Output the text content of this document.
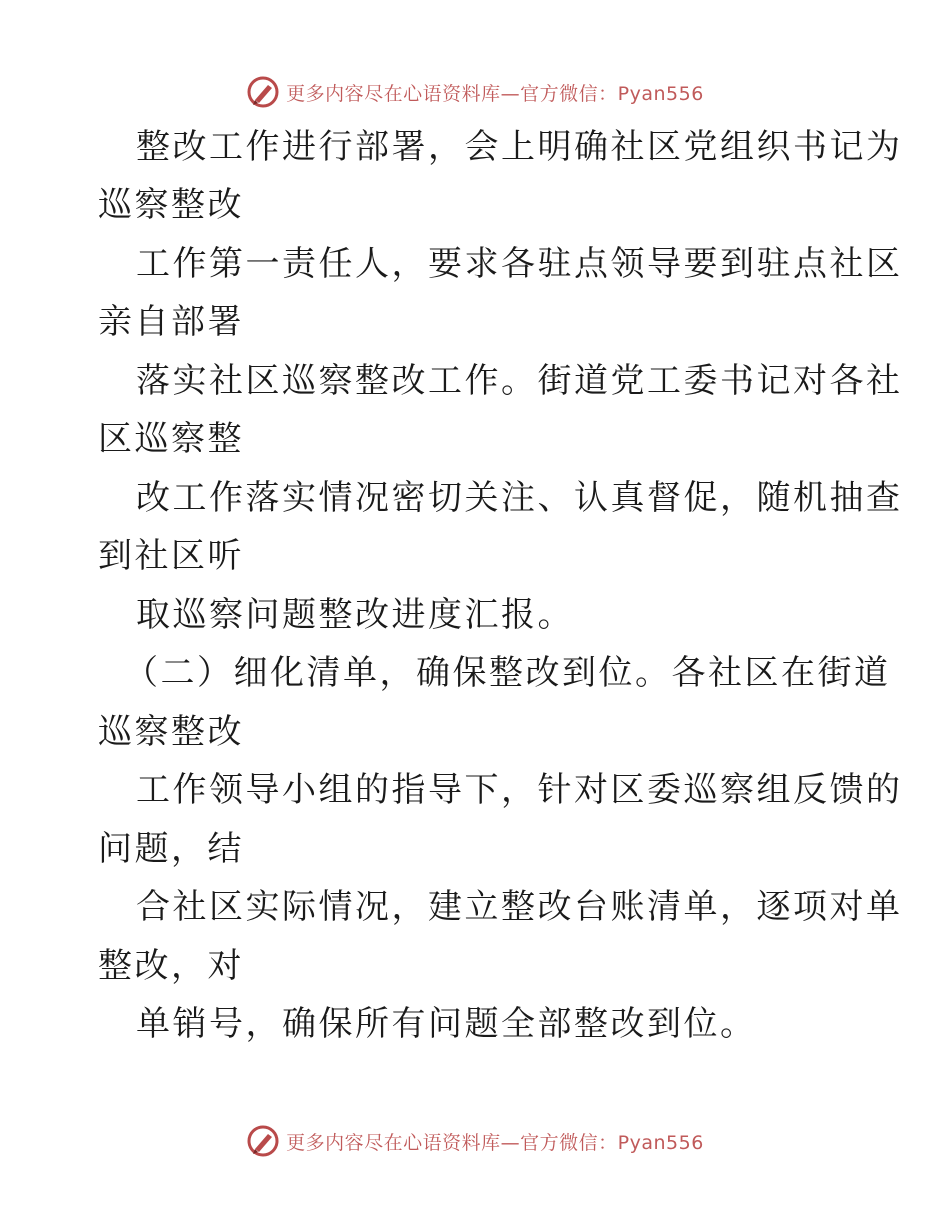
更多内容尽在心语资料库—官方微信：Pyan556
整改工作进行部署，会上明确社区党组织书记为
巡察整改
工作第一责任人，要求各驻点领导要到驻点社区
亲自部署
落实社区巡察整改工作。街道党工委书记对各社
区巡察整
改工作落实情况密切关注、认真督促，随机抽查
到社区听
取巡察问题整改进度汇报。
（二）细化清单，确保整改到位。各社区在街道
巡察整改
工作领导小组的指导下，针对区委巡察组反馈的
问题，结
合社区实际情况，建立整改台账清单，逐项对单
整改，对
单销号，确保所有问题全部整改到位。
更多内容尽在心语资料库—官方微信：Pyan556
